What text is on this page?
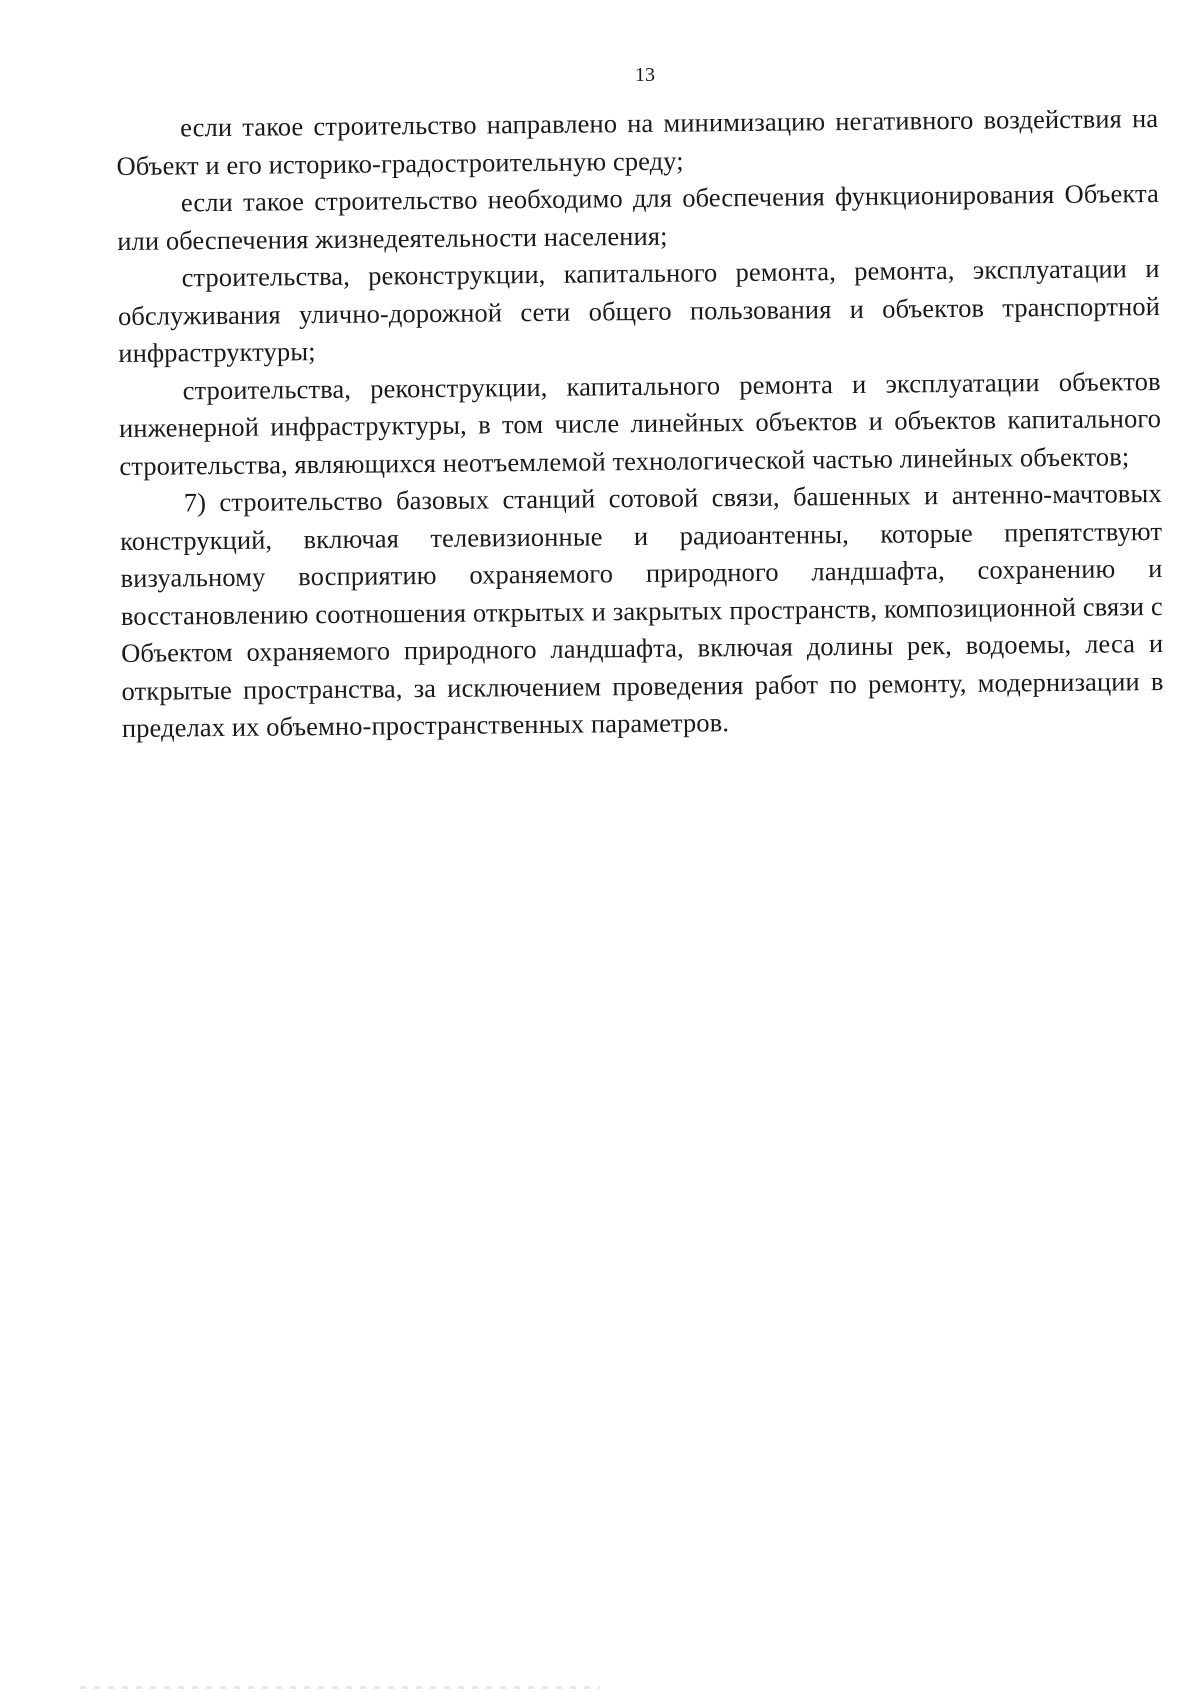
13

если такое строительство направлено на минимизацию негативного воздействия на Объект и его историко-градостроительную среду;

если такое строительство необходимо для обеспечения функционирования Объекта или обеспечения жизнедеятельности населения;

строительства, реконструкции, капитального ремонта, ремонта, эксплуатации и обслуживания улично-дорожной сети общего пользования и объектов транспортной инфраструктуры;

строительства, реконструкции, капитального ремонта и эксплуатации объектов инженерной инфраструктуры, в том числе линейных объектов и объектов капитального строительства, являющихся неотъемлемой технологической частью линейных объектов;

7) строительство базовых станций сотовой связи, башенных и антенно-мачтовых конструкций, включая телевизионные и радиоантенны, которые препятствуют визуальному восприятию охраняемого природного ландшафта, сохранению и восстановлению соотношения открытых и закрытых пространств, композиционной связи с Объектом охраняемого природного ландшафта, включая долины рек, водоемы, леса и открытые пространства, за исключением проведения работ по ремонту, модернизации в пределах их объемно-пространственных параметров.
